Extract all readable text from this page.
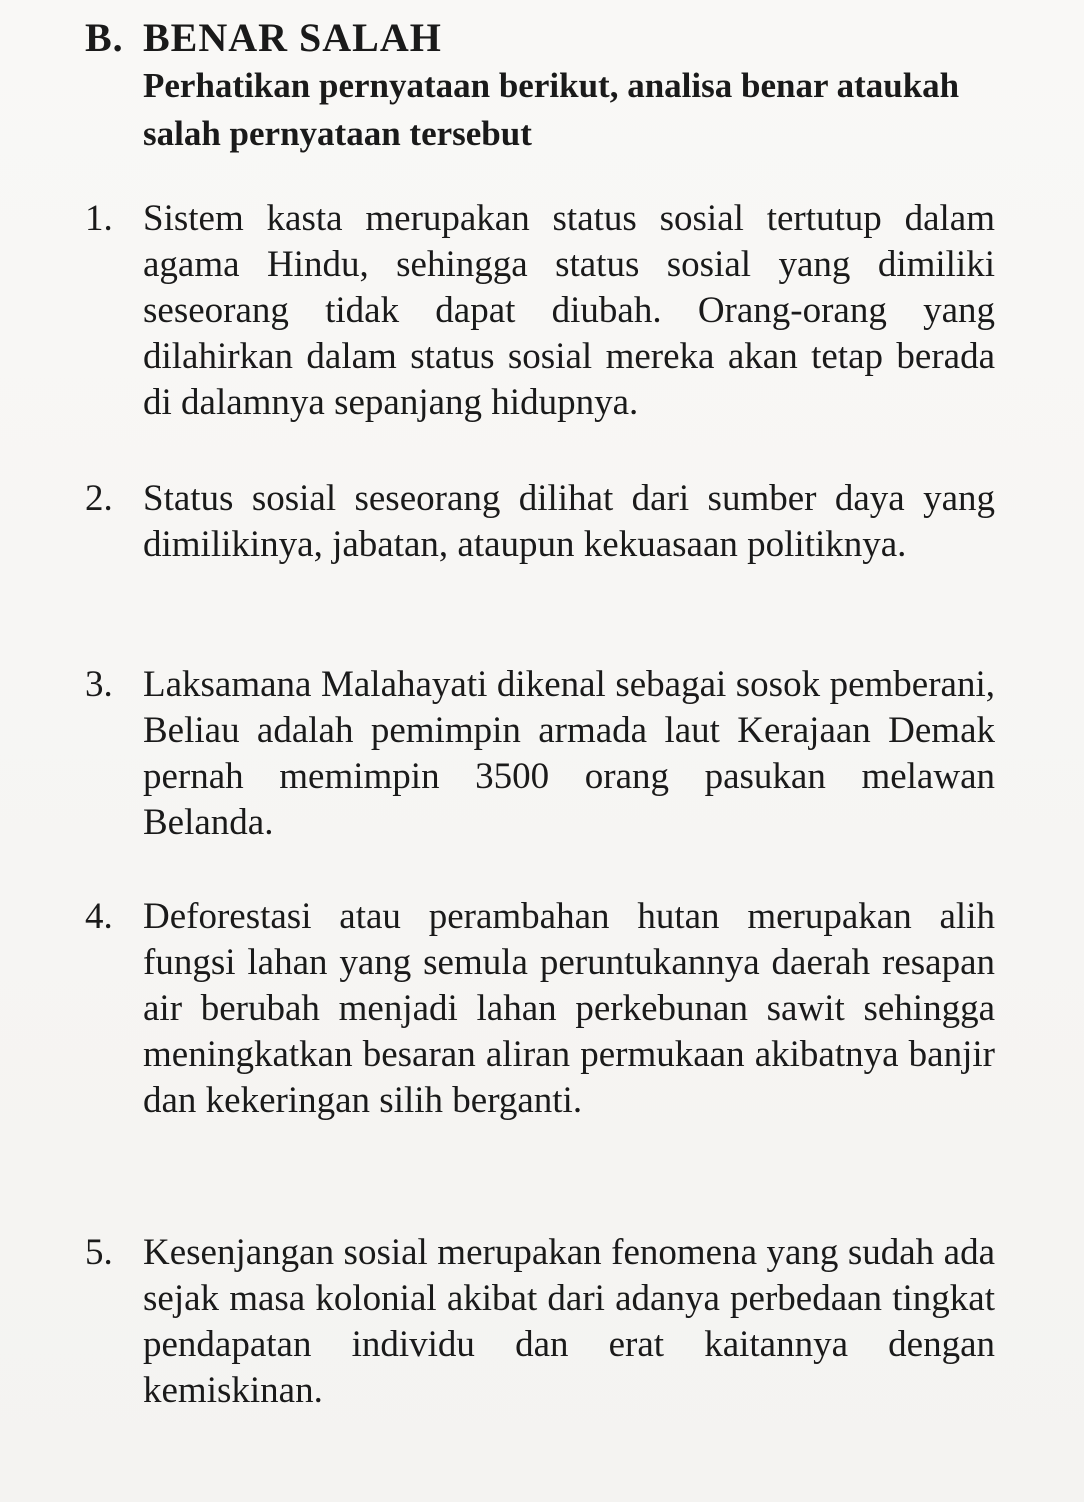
B. BENAR SALAH

Perhatikan pernyataan berikut, analisa benar ataukah salah pernyataan tersebut

1. Sistem kasta merupakan status sosial tertutup dalam agama Hindu, sehingga status sosial yang dimiliki seseorang tidak dapat diubah. Orang-orang yang dilahirkan dalam status sosial mereka akan tetap berada di dalamnya sepanjang hidupnya.
2. Status sosial seseorang dilihat dari sumber daya yang dimilikinya, jabatan, ataupun kekuasaan politiknya.
3. Laksamana Malahayati dikenal sebagai sosok pemberani, Beliau adalah pemimpin armada laut Kerajaan Demak pernah memimpin 3500 orang pasukan melawan Belanda.
4. Deforestasi atau perambahan hutan merupakan alih fungsi lahan yang semula peruntukannya daerah resapan air berubah menjadi lahan perkebunan sawit sehingga meningkatkan besaran aliran permukaan akibatnya banjir dan kekeringan silih berganti.
5. Kesenjangan sosial merupakan fenomena yang sudah ada sejak masa kolonial akibat dari adanya perbedaan tingkat pendapatan individu dan erat kaitannya dengan kemiskinan.
